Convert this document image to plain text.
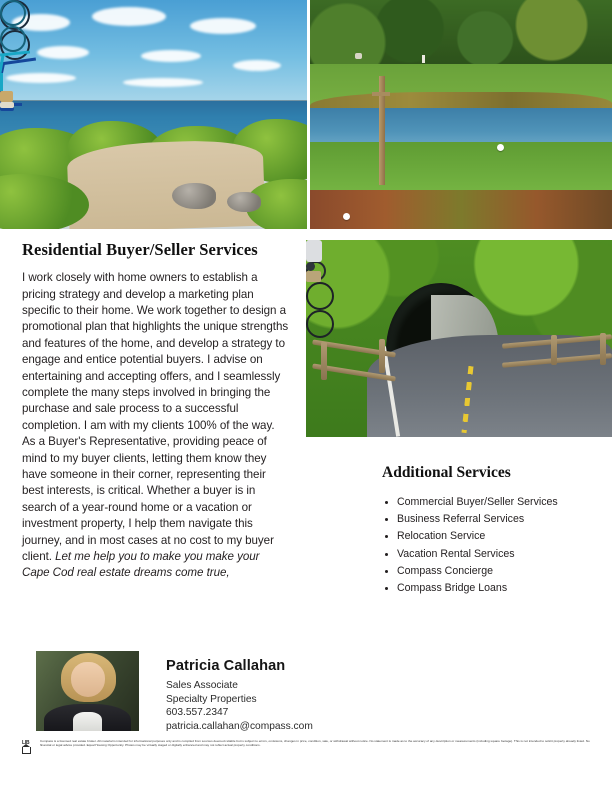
Residential Buyer/Seller Services

I work closely with home owners to establish a pricing strategy and develop a marketing plan specific to their home. We work together to design a promotional plan that highlights the unique strengths and features of the home, and develop a strategy to engage and entice potential buyers. I advise on entertaining and accepting offers, and I seamlessly complete the many steps involved in bringing the purchase and sale process to a successful completion. I am with my clients 100% of the way. As a Buyer's Representative, providing peace of mind to my buyer clients, letting them know they have someone in their corner, representing their best interests, is critical. Whether a buyer is in search of a year-round home or a vacation or investment property, I help them navigate this journey, and in most cases at no cost to my buyer client. Let me help you to make you make your Cape Cod real estate dreams come true,

Additional Services
Commercial Buyer/Seller Services
Business Referral Services
Relocation Service
Vacation Rental Services
Compass Concierge
Compass Bridge Loans
Patricia Callahan
Sales Associate
Specialty Properties
603.557.2347
patricia.callahan@compass.com
LIB	Compass is a licensed real estate broker. All material is intended for informational purposes only and is compiled from sources deemed reliable but is subject to errors, omissions, changes in price, condition, sale, or withdrawal without notice. No statement is made as to the accuracy of any description or measurements (including square footage). This is not intended to solicit property already listed. No financial or legal advice provided. Equal Housing Opportunity. Photos may be virtually staged or digitally enhanced and may not reflect actual property conditions.
